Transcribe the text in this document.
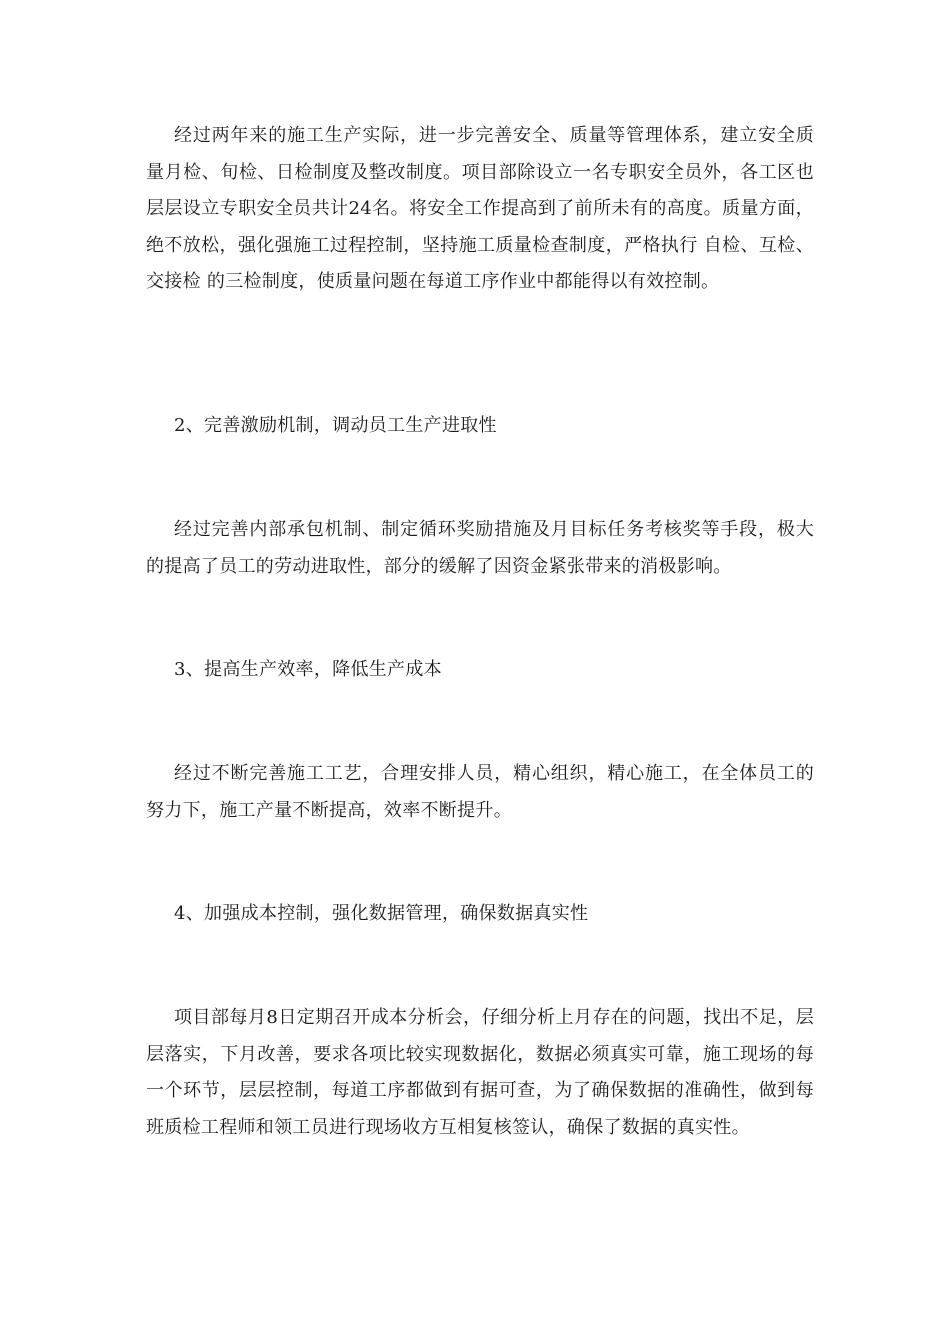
经过两年来的施工生产实际，进一步完善安全、质量等管理体系，建立安全质量月检、旬检、日检制度及整改制度。项目部除设立一名专职安全员外，各工区也层层设立专职安全员共计24名。将安全工作提高到了前所未有的高度。质量方面，绝不放松，强化强施工过程控制，坚持施工质量检查制度，严格执行 自检、互检、交接检 的三检制度，使质量问题在每道工序作业中都能得以有效控制。

2、完善激励机制，调动员工生产进取性

经过完善内部承包机制、制定循环奖励措施及月目标任务考核奖等手段，极大的提高了员工的劳动进取性，部分的缓解了因资金紧张带来的消极影响。

3、提高生产效率，降低生产成本

经过不断完善施工工艺，合理安排人员，精心组织，精心施工，在全体员工的努力下，施工产量不断提高，效率不断提升。

4、加强成本控制，强化数据管理，确保数据真实性

项目部每月8日定期召开成本分析会，仔细分析上月存在的问题，找出不足，层层落实，下月改善，要求各项比较实现数据化，数据必须真实可靠，施工现场的每一个环节，层层控制，每道工序都做到有据可查，为了确保数据的准确性，做到每班质检工程师和领工员进行现场收方互相复核签认，确保了数据的真实性。
